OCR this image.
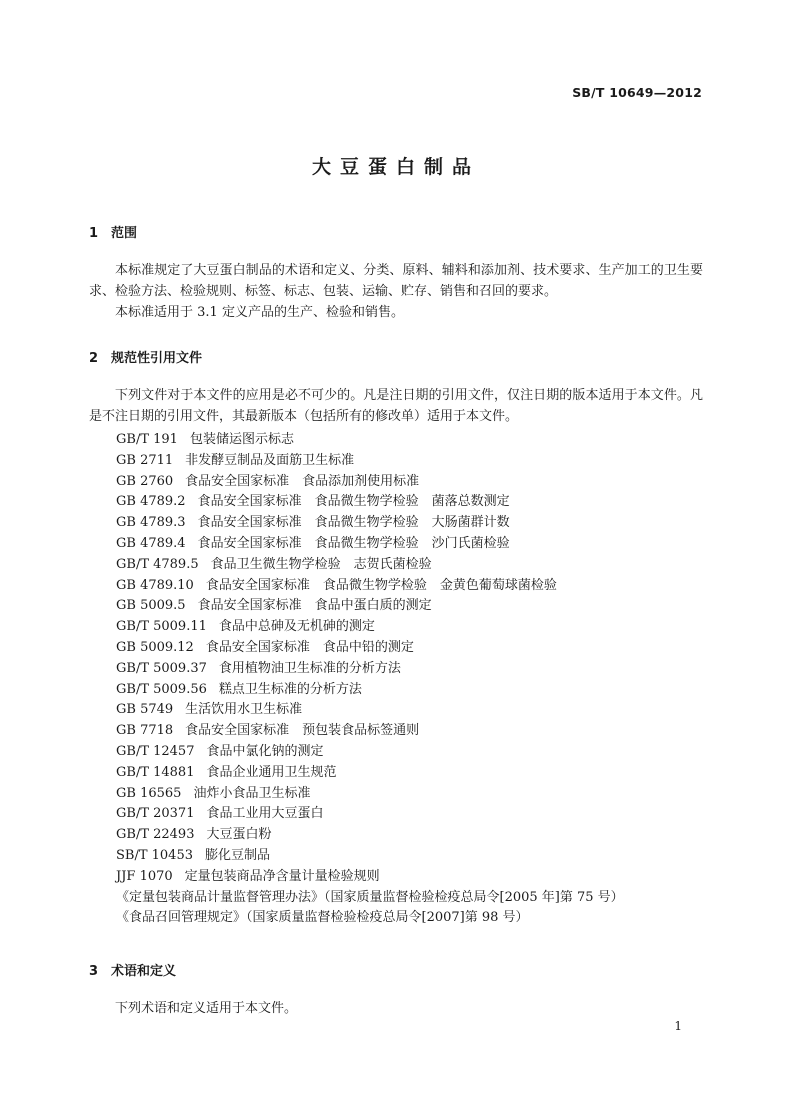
SB/T 10649—2012
大豆蛋白制品
1 范围
本标准规定了大豆蛋白制品的术语和定义、分类、原料、辅料和添加剂、技术要求、生产加工的卫生要求、检验方法、检验规则、标签、标志、包装、运输、贮存、销售和召回的要求。
本标准适用于 3.1 定义产品的生产、检验和销售。
2 规范性引用文件
下列文件对于本文件的应用是必不可少的。凡是注日期的引用文件，仅注日期的版本适用于本文件。凡是不注日期的引用文件，其最新版本（包括所有的修改单）适用于本文件。
GB/T 191 包装储运图示标志
GB 2711 非发酵豆制品及面筋卫生标准
GB 2760 食品安全国家标准　食品添加剂使用标准
GB 4789.2 食品安全国家标准　食品微生物学检验　菌落总数测定
GB 4789.3 食品安全国家标准　食品微生物学检验　大肠菌群计数
GB 4789.4 食品安全国家标准　食品微生物学检验　沙门氏菌检验
GB/T 4789.5 食品卫生微生物学检验　志贺氏菌检验
GB 4789.10 食品安全国家标准　食品微生物学检验　金黄色葡萄球菌检验
GB 5009.5 食品安全国家标准　食品中蛋白质的测定
GB/T 5009.11 食品中总砷及无机砷的测定
GB 5009.12 食品安全国家标准　食品中铅的测定
GB/T 5009.37 食用植物油卫生标准的分析方法
GB/T 5009.56 糕点卫生标准的分析方法
GB 5749 生活饮用水卫生标准
GB 7718 食品安全国家标准　预包装食品标签通则
GB/T 12457 食品中氯化钠的测定
GB/T 14881 食品企业通用卫生规范
GB 16565 油炸小食品卫生标准
GB/T 20371 食品工业用大豆蛋白
GB/T 22493 大豆蛋白粉
SB/T 10453 膨化豆制品
JJF 1070 定量包装商品净含量计量检验规则
《定量包装商品计量监督管理办法》（国家质量监督检验检疫总局令[2005 年]第 75 号）
《食品召回管理规定》（国家质量监督检验检疫总局令[2007]第 98 号）
3 术语和定义
下列术语和定义适用于本文件。
1
